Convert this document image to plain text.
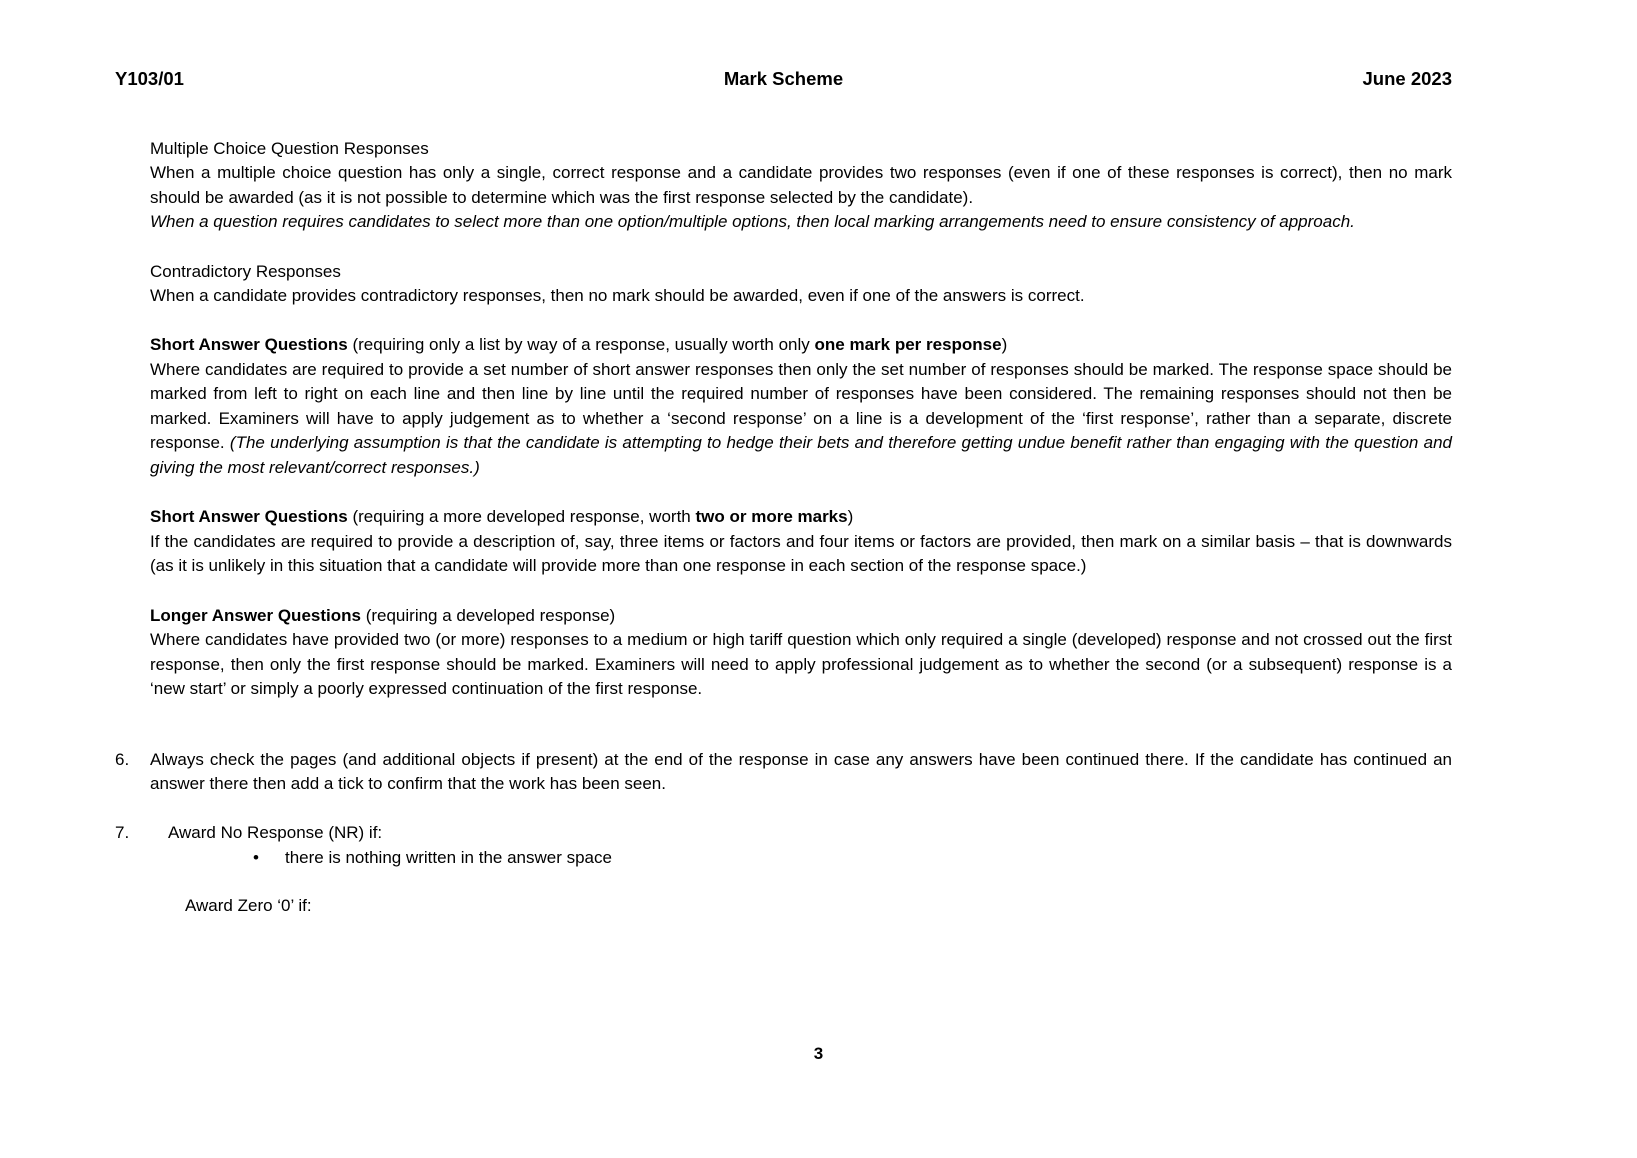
Y103/01	Mark Scheme	June 2023

Multiple Choice Question Responses

When a multiple choice question has only a single, correct response and a candidate provides two responses (even if one of these responses is correct), then no mark should be awarded (as it is not possible to determine which was the first response selected by the candidate).

When a question requires candidates to select more than one option/multiple options, then local marking arrangements need to ensure consistency of approach.

Contradictory Responses

When a candidate provides contradictory responses, then no mark should be awarded, even if one of the answers is correct.

Short Answer Questions (requiring only a list by way of a response, usually worth only one mark per response)

Where candidates are required to provide a set number of short answer responses then only the set number of responses should be marked. The response space should be marked from left to right on each line and then line by line until the required number of responses have been considered. The remaining responses should not then be marked. Examiners will have to apply judgement as to whether a ‘second response’ on a line is a development of the ‘first response’, rather than a separate, discrete response. (The underlying assumption is that the candidate is attempting to hedge their bets and therefore getting undue benefit rather than engaging with the question and giving the most relevant/correct responses.)

Short Answer Questions (requiring a more developed response, worth two or more marks)

If the candidates are required to provide a description of, say, three items or factors and four items or factors are provided, then mark on a similar basis – that is downwards (as it is unlikely in this situation that a candidate will provide more than one response in each section of the response space.)

Longer Answer Questions (requiring a developed response)

Where candidates have provided two (or more) responses to a medium or high tariff question which only required a single (developed) response and not crossed out the first response, then only the first response should be marked. Examiners will need to apply professional judgement as to whether the second (or a subsequent) response is a ‘new start’ or simply a poorly expressed continuation of the first response.

6.	Always check the pages (and additional objects if present) at the end of the response in case any answers have been continued there. If the candidate has continued an answer there then add a tick to confirm that the work has been seen.
7.	Award No Response (NR) if:
•	there is nothing written in the answer space

Award Zero ‘0’ if:

3
